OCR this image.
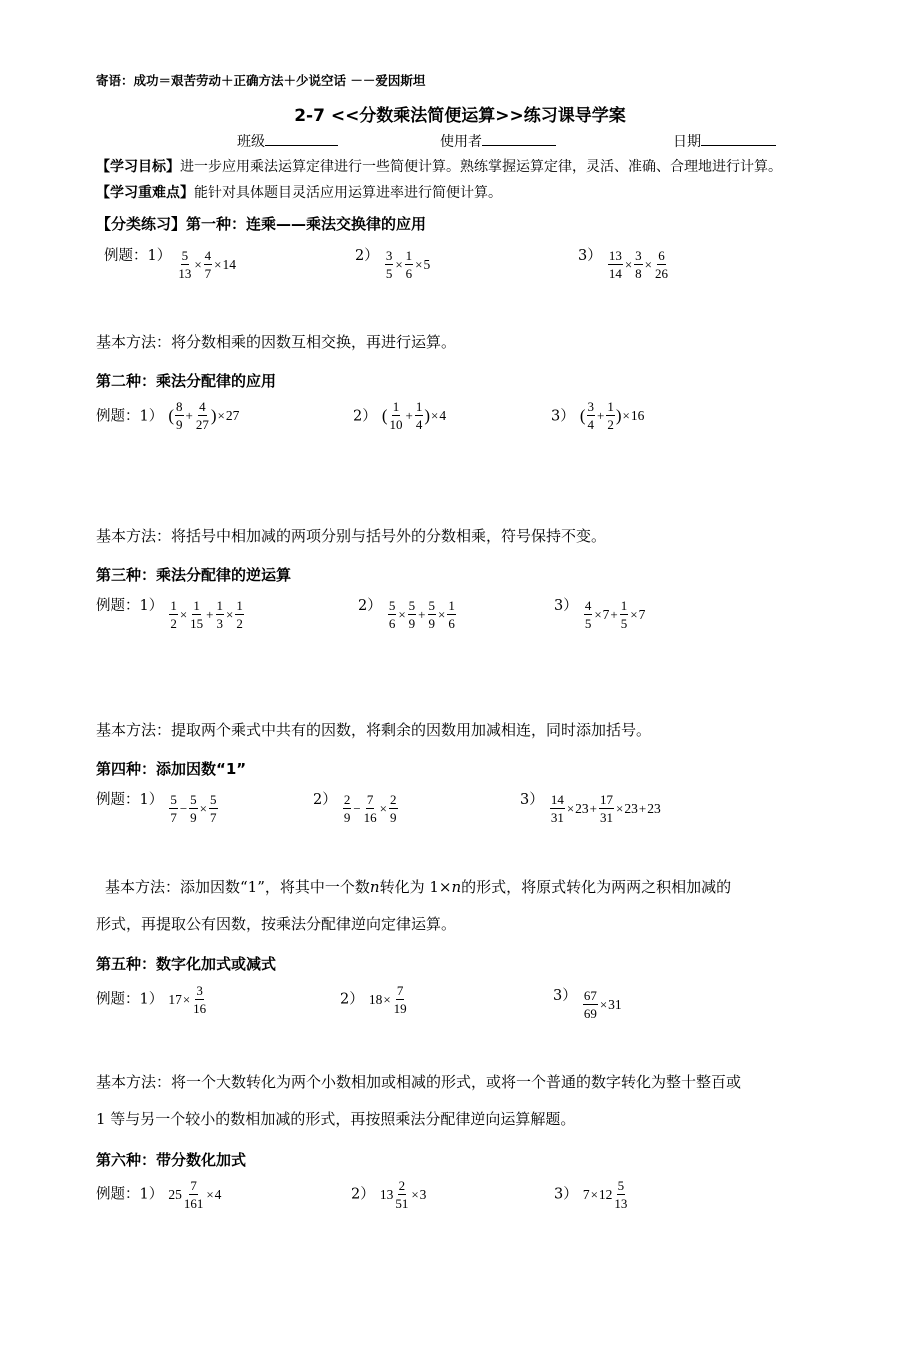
寄语：成功＝艰苦劳动＋正确方法＋少说空话 －－爱因斯坦
2-7 <<分数乘法简便运算>>练习课导学案
班级	使用者	日期
【学习目标】进一步应用乘法运算定律进行一些简便计算。熟练掌握运算定律，灵活、准确、合理地进行计算。
【学习重难点】能针对具体题目灵活应用运算进率进行简便计算。
【分类练习】第一种：连乘——乘法交换律的应用
例题：$1) \frac{5}{13} \times \frac{4}{7} \times 14$	$2) \frac{3}{5} \times \frac{1}{6} \times 5$	$3) \frac{13}{14} \times \frac{3}{8} \times \frac{6}{26}$
基本方法：将分数相乘的因数互相交换，再进行运算。
第二种：乘法分配律的应用
例题：1） ( $\frac{8}{9} + \frac{4}{27}$ ) × 27	2） ( $\frac{1}{10} + \frac{1}{4}$ ) × 4	3） ( $\frac{3}{4} + \frac{1}{2}$ ) × 16
基本方法：将括号中相加减的两项分别与括号外的分数相乘，符号保持不变。
第三种：乘法分配律的逆运算
例题：$1) \frac{1}{2} \times \frac{1}{15} + \frac{1}{3} \times \frac{1}{2}$	$2) \frac{5}{6} \times \frac{5}{9} + \frac{5}{9} \times \frac{1}{6}$	$3) \frac{4}{5} \times 7 + \frac{1}{5} \times 7$
基本方法：提取两个乘式中共有的因数，将剩余的因数用加减相连，同时添加括号。
第四种：添加因数“1”
例题：$1) \frac{5}{7} - \frac{5}{9} \times \frac{5}{7}$	$2) \frac{2}{9} - \frac{7}{16} \times \frac{2}{9}$	$3) \frac{14}{31} \times 23 + \frac{17}{31} \times 23 + 23$
基本方法：添加因数“1”，将其中一个数n转化为 1×n的形式，将原式转化为两两之积相加减的
形式，再提取公有因数，按乘法分配律逆向定律运算。
第五种：数字化加式或减式
例题：1） $17 \times \frac{3}{16}$	2） $18 \times \frac{7}{19}$	$3) \frac{67}{69} \times 31$
基本方法：将一个大数转化为两个小数相加或相减的形式，或将一个普通的数字转化为整十整百或
1 等与另一个较小的数相加减的形式，再按照乘法分配律逆向运算解题。
第六种：带分数化加式
例题：1） $25 \frac{7}{161} \times 4$	2） $13 \frac{2}{51} \times 3$	3） $7 \times 12 \frac{5}{13}$
